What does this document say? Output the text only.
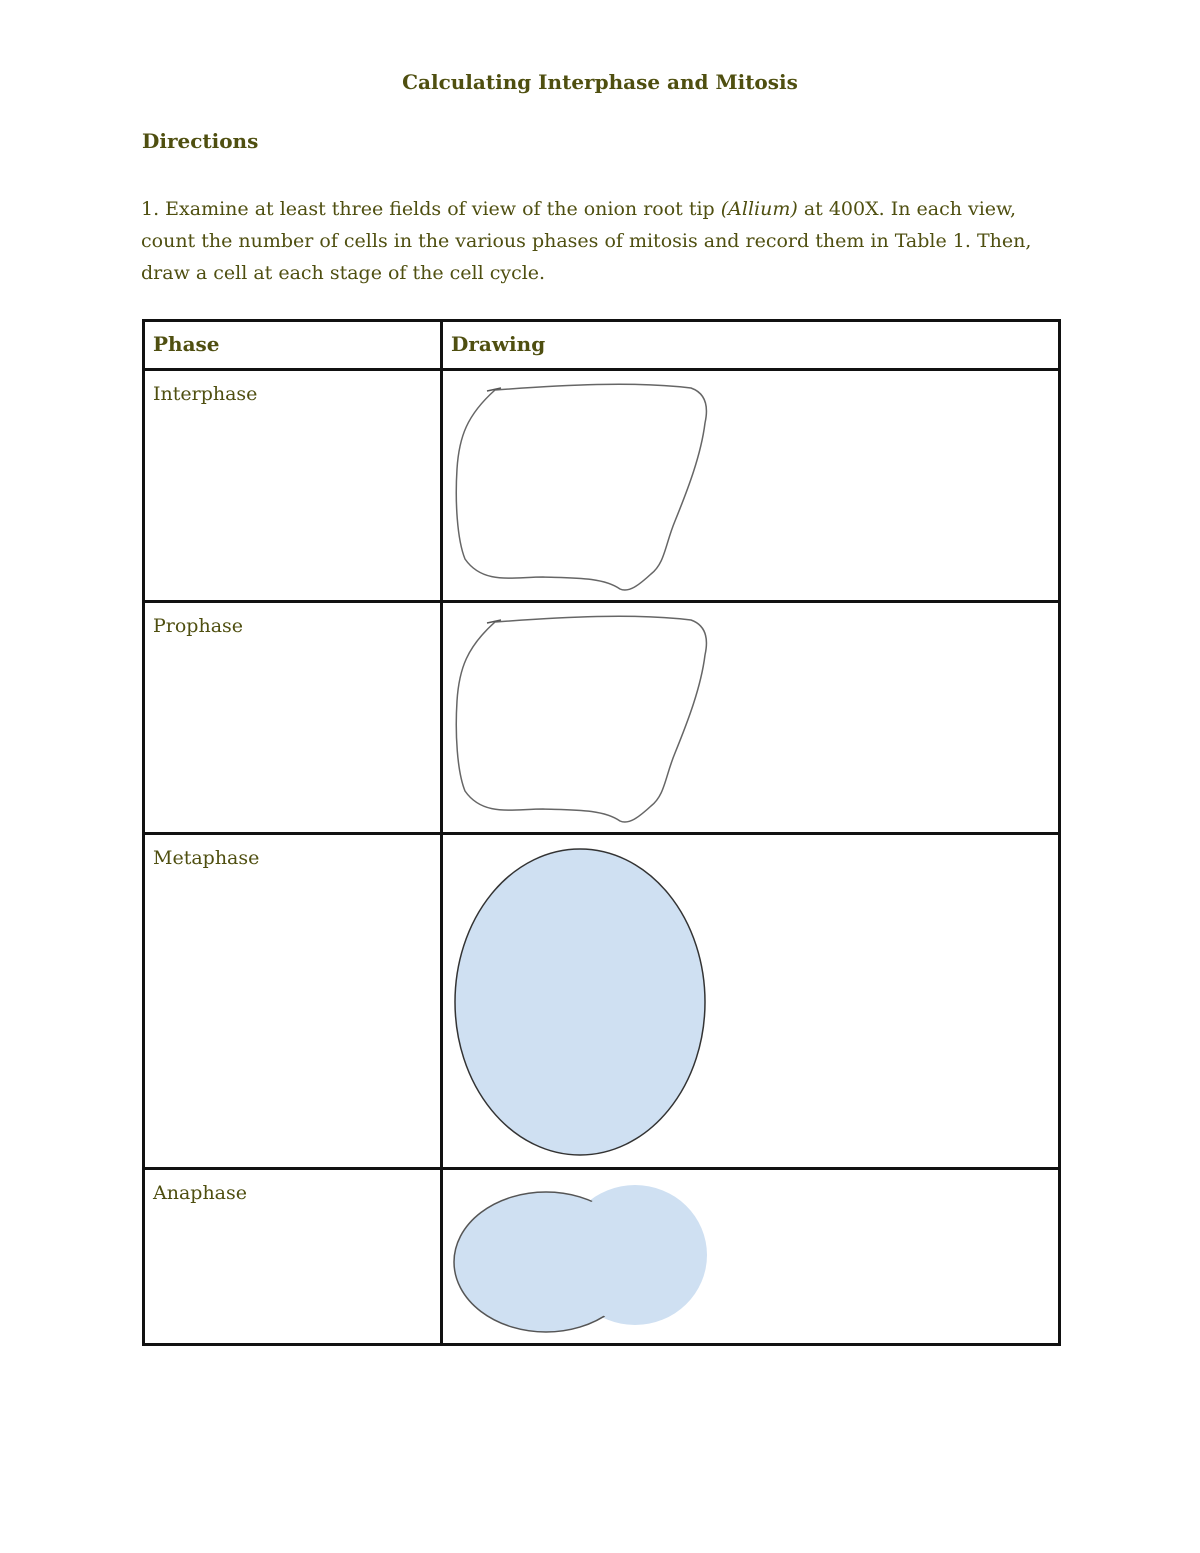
Calculating Interphase and Mitosis
Directions
1. Examine at least three fields of view of the onion root tip (Allium) at 400X. In each view, count the number of cells in the various phases of mitosis and record them in Table 1. Then, draw a cell at each stage of the cell cycle.
Phase	Drawing

Interphase

Prophase

Metaphase

Anaphase
